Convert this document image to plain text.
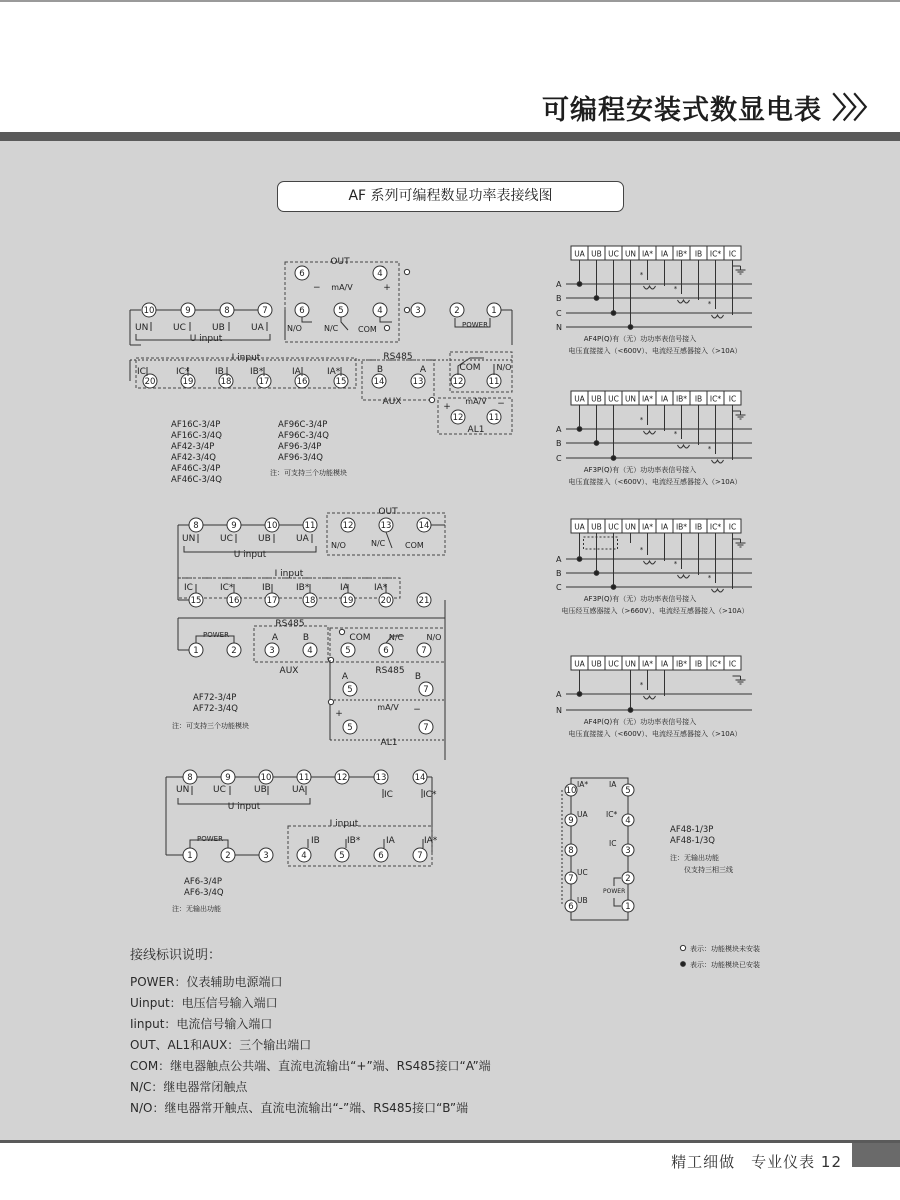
可编程安装式数显电表 〉〉〉
AF 系列可编程数显功率表接线图
OUT
6	4
− mA/V	+
10	9	8	7	6	5	4	3	2	1
UN	UC	UB	UA
U input
N/O	N/C COM	POWER
I input
20	19	18	17	16	15	14	13	12	11
IC	IC*	IB	IB*	IA	IA*
RS485
B	A
AUX
COM N/O
12	11
+	−
mA/V
AL1
AF16C-3/4P
AF16C-3/4Q
AF42-3/4P
AF42-3/4Q
AF46C-3/4P
AF46C-3/4Q
AF96C-3/4P
AF96C-3/4Q
AF96-3/4P
AF96-3/4Q
注：可支持三个功能模块
OUT
8	9	10	11	12	13	14
UN	UC	UB	UA
U input
N/O	N/C COM
I input
15	16	17	18	19	20	21
IC	IC*	IB	IB*	IA	IA*
1	2	3	4	5	6	7
POWER
RS485
A	B
AUX
COM N/C	N/O
RS485
A	B
5	7
+	−
mA/V
5	7
AL1
AF72-3/4P
AF72-3/4Q
注：可支持三个功能模块
8	9	10	11	12	13	14
UN	UC	UB	UA
U input
IC	IC*
I input
1	2	3	4	5	6	7
POWER	IB	IB*	IA	IA*
AF6-3/4P
AF6-3/4Q
注：无输出功能
UA UB UC UN IA* IA IB* IB IC* IC
A
B
C
N
*
*
*
AF4P(Q)有（无）功功率表信号接入
电压直接接入（<600V）、电流经互感器接入（>10A）
UA UB UC UN IA* IA IB* IB IC* IC
A
B
C
*
*
*
AF3P(Q)有（无）功功率表信号接入
电压直接接入（<600V）、电流经互感器接入（>10A）
UA UB UC UN IA* IA IB* IB IC* IC
A
B
C
*
*
*
AF3P(Q)有（无）功功率表信号接入
电压经互感器接入（>660V）、电流经互感器接入（>10A）
UA UB UC UN IA* IA IB* IB IC* IC
A
N
*
AF4P(Q)有（无）功功率表信号接入
电压直接接入（<600V）、电流经互感器接入（>10A）
10
9
8
7
6
5
4
3
2
1
IA*
UA
UC
UB
IA
IC*
IC
POWER
AF48-1/3P
AF48-1/3Q
注：无输出功能
仪支持三相三线
表示：功能模块未安装
表示：功能模块已安装
接线标识说明：
POWER：仪表辅助电源端口
Uinput：电压信号输入端口
Iinput：电流信号输入端口
OUT、AL1和AUX：三个输出端口
COM：继电器触点公共端、直流电流输出“+”端、RS485接口“A”端
N/C：继电器常闭触点
N/O：继电器常开触点、直流电流输出“-”端、RS485接口“B”端
精工细做　专业仪表 12
